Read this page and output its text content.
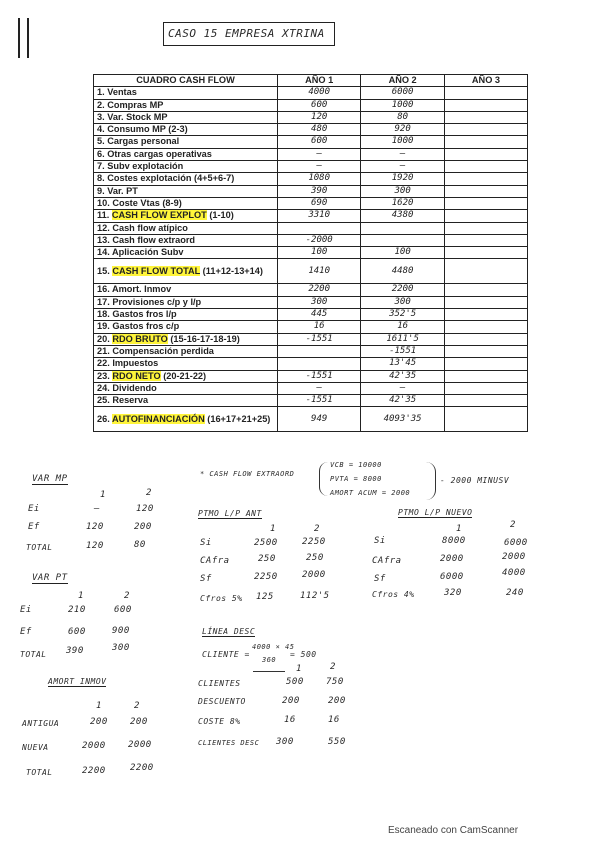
CASO 15 EMPRESA XTRINA
CUADRO CASH FLOW	AÑO 1	AÑO 2	AÑO 3
1. Ventas	4000	6000	
2. Compras MP	600	1000	
3. Var. Stock MP	120	80	
4. Consumo MP (2-3)	480	920	
5. Cargas personal	600	1000	
6. Otras cargas operativas	—	—	
7. Subv explotación	—	—	
8. Costes explotación (4+5+6-7)	1080	1920	
9. Var. PT	390	300	
10. Coste Vtas (8-9)	690	1620	
11. CASH FLOW EXPLOT (1-10)	3310	4380	
12. Cash flow atípico			
13. Cash flow extraord	-2000		
14. Aplicación Subv	100	100	
15. CASH FLOW TOTAL (11+12-13+14)	1410	4480	
16. Amort. Inmov	2200	2200	
17. Provisiones c/p y l/p	300	300	
18. Gastos fros l/p	445	352'5	
19. Gastos fros c/p	16	16	
20. RDO BRUTO (15-16-17-18-19)	-1551	1611'5	
21. Compensación perdida		-1551	
22. Impuestos		13'45	
23. RDO NETO (20-21-22)	-1551	42'35	
24. Dividendo	—	—	
25. Reserva	-1551	42'35	
26. AUTOFINANCIACIÓN (16+17+21+25)	949	4093'35	
* CASH FLOW EXTRAORD
VCB = 10000
PVTA = 8000
AMORT ACUM = 2000
- 2000 MINUSV
VAR MP
1	2
Ei	—	120
Ef	120	200
TOTAL	120	80
VAR PT
1	2
Ei	210	600
Ef	600	900
TOTAL 390	300
AMORT INMOV
1	2
ANTIGUA	200 200
NUEVA	2000 2000
TOTAL	2200	2200
PTMO L/P ANT
1	2
Si	2500	2250
CAfra	250	250
Sf	2250	2000
Cfros 5% 125	112'5
PTMO L/P NUEVO
1	2
Si	8000	6000
CAfra	2000	2000
Sf	6000	4000
Cfros 4%	320	240
LÍNEA DESC
CLIENTE =
4000 × 45
360
= 500
1	2
CLIENTES	500 750
DESCUENTO	200	200
COSTE 8%	16	16
CLIENTES DESC 300	550
Escaneado con CamScanner
